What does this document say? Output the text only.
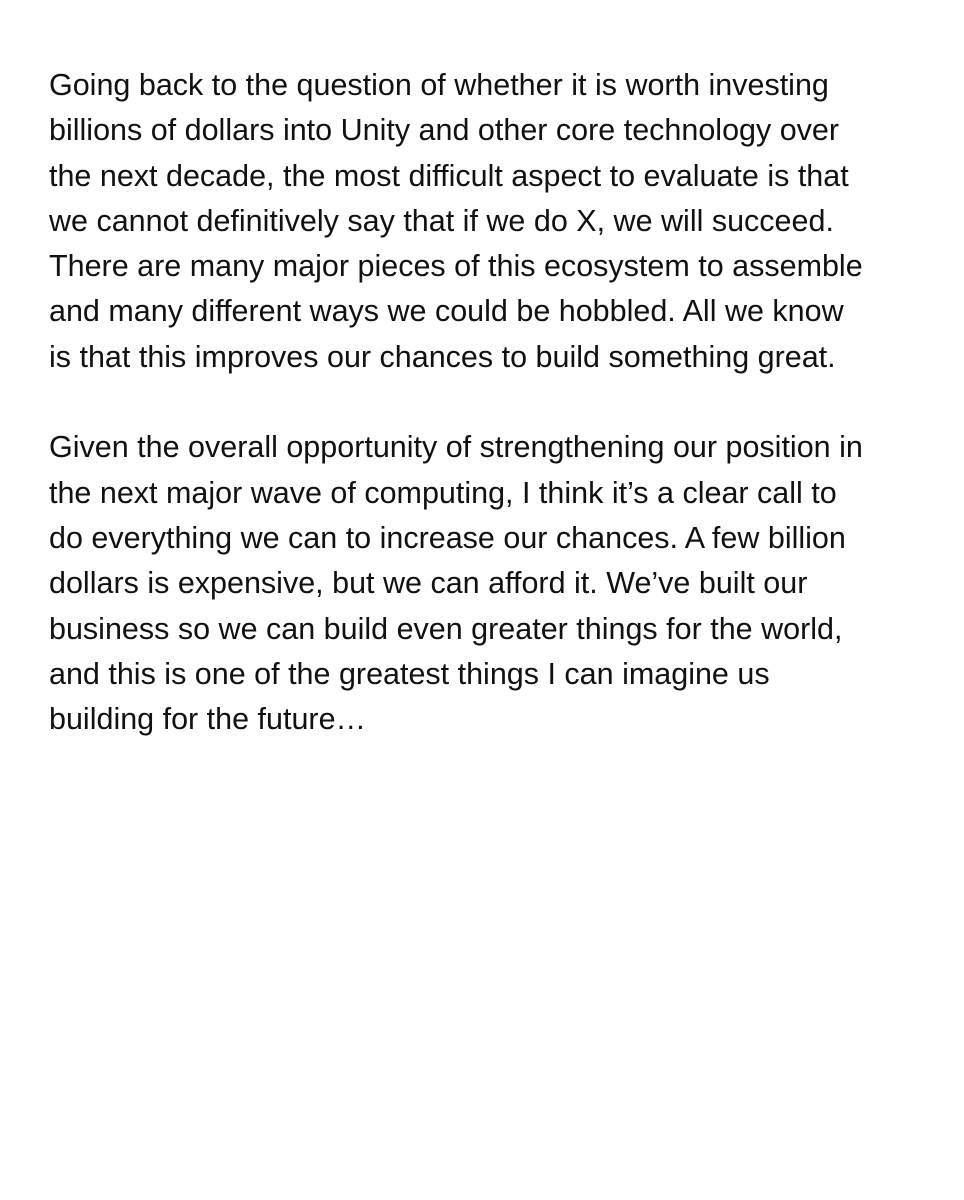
Going back to the question of whether it is worth investing
billions of dollars into Unity and other core technology over
the next decade, the most difficult aspect to evaluate is that
we cannot definitively say that if we do X, we will succeed.
There are many major pieces of this ecosystem to assemble
and many different ways we could be hobbled. All we know
is that this improves our chances to build something great.

Given the overall opportunity of strengthening our position in
the next major wave of computing, I think it’s a clear call to
do everything we can to increase our chances. A few billion
dollars is expensive, but we can afford it. We’ve built our
business so we can build even greater things for the world,
and this is one of the greatest things I can imagine us
building for the future…
